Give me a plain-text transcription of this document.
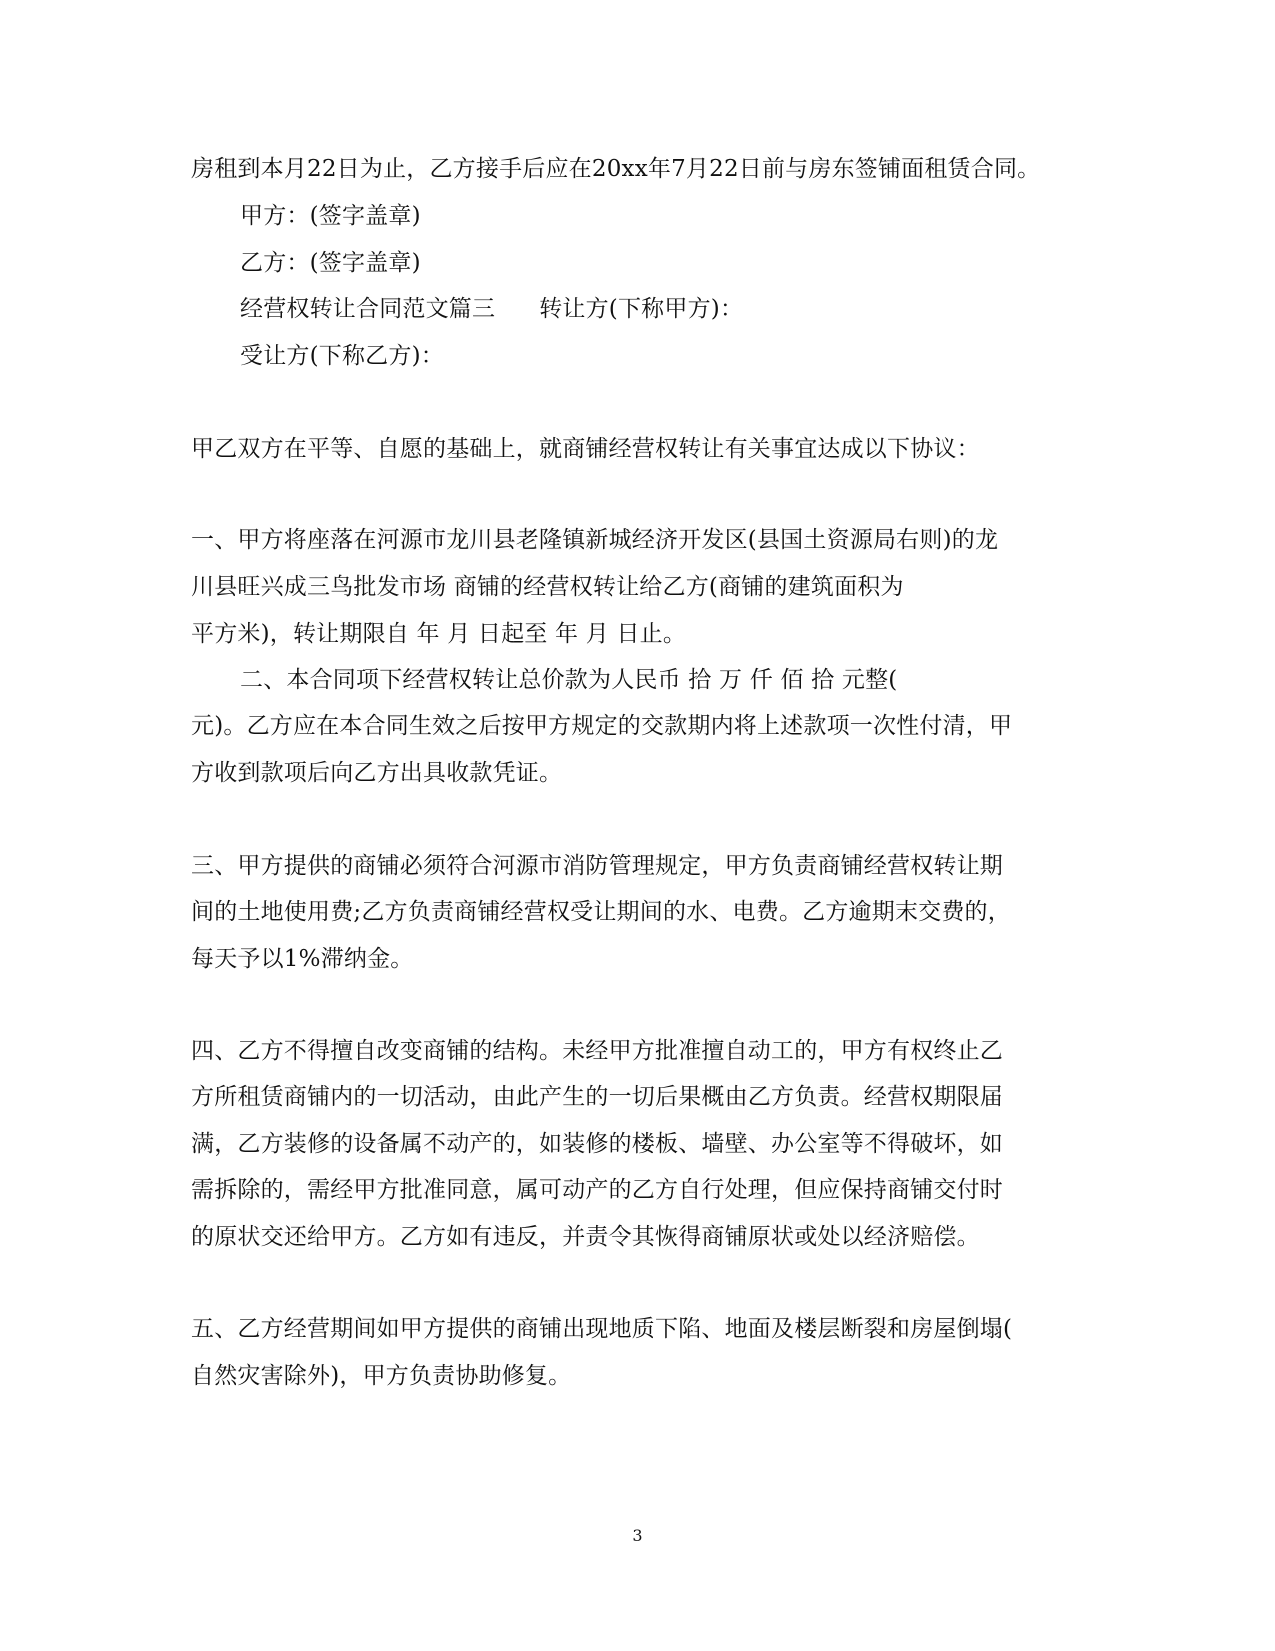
房租到本月22日为止，乙方接手后应在20xx年7月22日前与房东签铺面租赁合同。
甲方：(签字盖章)
乙方：(签字盖章)
经营权转让合同范文篇三 转让方(下称甲方)：
受让方(下称乙方)：
甲乙双方在平等、自愿的基础上，就商铺经营权转让有关事宜达成以下协议：
一、甲方将座落在河源市龙川县老隆镇新城经济开发区(县国土资源局右则)的龙
川县旺兴成三鸟批发市场 商铺的经营权转让给乙方(商铺的建筑面积为
平方米)，转让期限自 年 月 日起至 年 月 日止。
二、本合同项下经营权转让总价款为人民币 拾 万 仟 佰 拾 元整(
元)。乙方应在本合同生效之后按甲方规定的交款期内将上述款项一次性付清，甲
方收到款项后向乙方出具收款凭证。
三、甲方提供的商铺必须符合河源市消防管理规定，甲方负责商铺经营权转让期
间的土地使用费;乙方负责商铺经营权受让期间的水、电费。乙方逾期末交费的，
每天予以1%滞纳金。
四、乙方不得擅自改变商铺的结构。未经甲方批准擅自动工的，甲方有权终止乙
方所租赁商铺内的一切活动，由此产生的一切后果概由乙方负责。经营权期限届
满，乙方装修的设备属不动产的，如装修的楼板、墙壁、办公室等不得破坏，如
需拆除的，需经甲方批准同意，属可动产的乙方自行处理，但应保持商铺交付时
的原状交还给甲方。乙方如有违反，并责令其恢得商铺原状或处以经济赔偿。
五、乙方经营期间如甲方提供的商铺出现地质下陷、地面及楼层断裂和房屋倒塌(
自然灾害除外)，甲方负责协助修复。
3
